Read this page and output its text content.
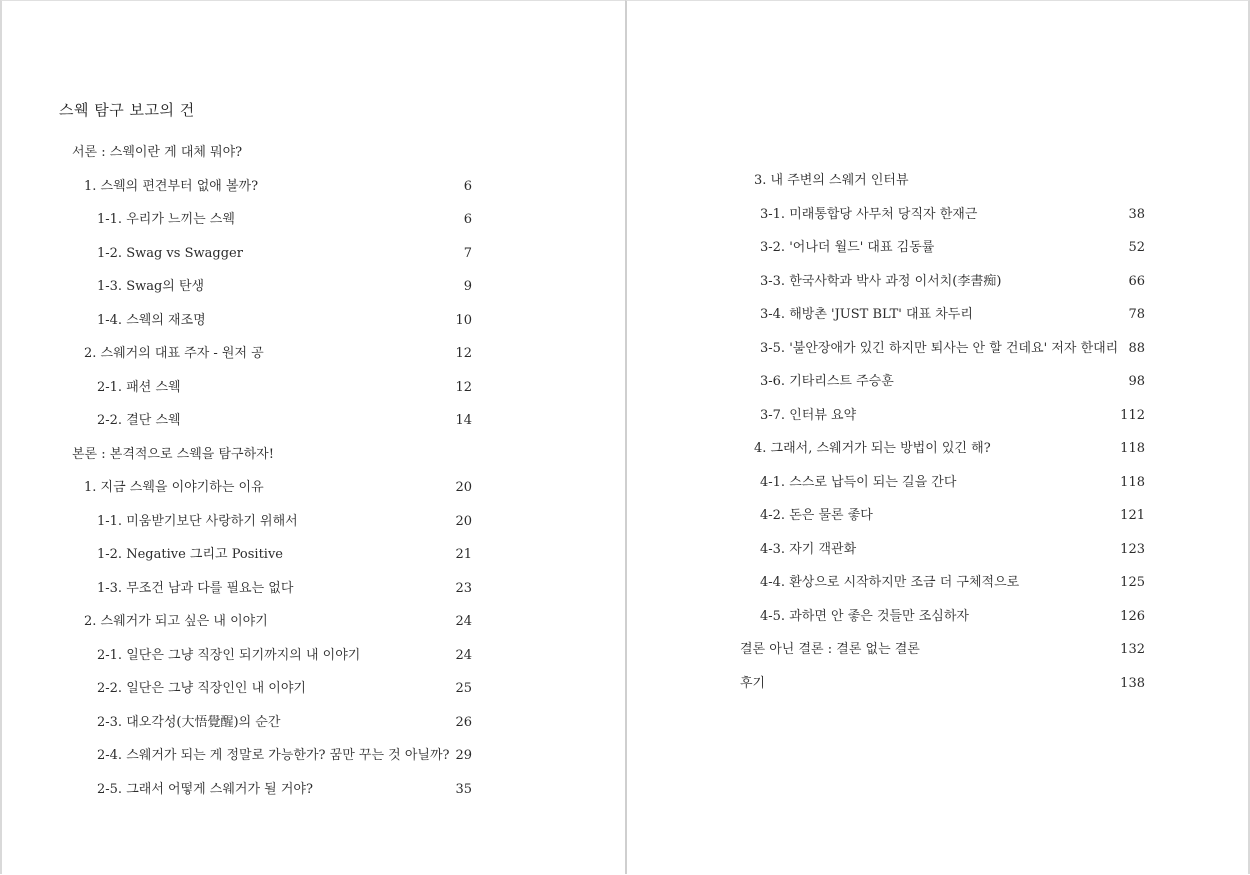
스웩 탐구 보고의 건
서론 : 스웩이란 게 대체 뭐야?
1. 스웩의 편견부터 없애 볼까?	6
1-1. 우리가 느끼는 스웩	6
1-2. Swag vs Swagger	7
1-3. Swag의 탄생	9
1-4. 스웩의 재조명	10
2. 스웨거의 대표 주자 - 원저 공	12
2-1. 패션 스웩	12
2-2. 결단 스웩	14
본론 : 본격적으로 스웩을 탐구하자!
1. 지금 스웩을 이야기하는 이유	20
1-1. 미움받기보단 사랑하기 위해서	20
1-2. Negative 그리고 Positive	21
1-3. 무조건 남과 다를 필요는 없다	23
2. 스웨거가 되고 싶은 내 이야기	24
2-1. 일단은 그냥 직장인 되기까지의 내 이야기	24
2-2. 일단은 그냥 직장인인 내 이야기	25
2-3. 대오각성(大悟覺醒)의 순간	26
2-4. 스웨거가 되는 게 정말로 가능한가? 꿈만 꾸는 것 아닐까? 29
2-5. 그래서 어떻게 스웨거가 될 거야?	35
3. 내 주변의 스웨거 인터뷰
3-1. 미래통합당 사무처 당직자 한재근	38
3-2. '어나더 월드' 대표 김동률	52
3-3. 한국사학과 박사 과정 이서치(李書痴)	66
3-4. 해방촌 'JUST BLT' 대표 차두리	78
3-5. '불안장애가 있긴 하지만 퇴사는 안 할 건데요' 저자 한대리 88
3-6. 기타리스트 주승훈	98
3-7. 인터뷰 요약	112
4. 그래서, 스웨거가 되는 방법이 있긴 해?	118
4-1. 스스로 납득이 되는 길을 간다	118
4-2. 돈은 물론 좋다	121
4-3. 자기 객관화	123
4-4. 환상으로 시작하지만 조금 더 구체적으로	125
4-5. 과하면 안 좋은 것들만 조심하자	126
결론 아닌 결론 : 결론 없는 결론	132
후기	138
